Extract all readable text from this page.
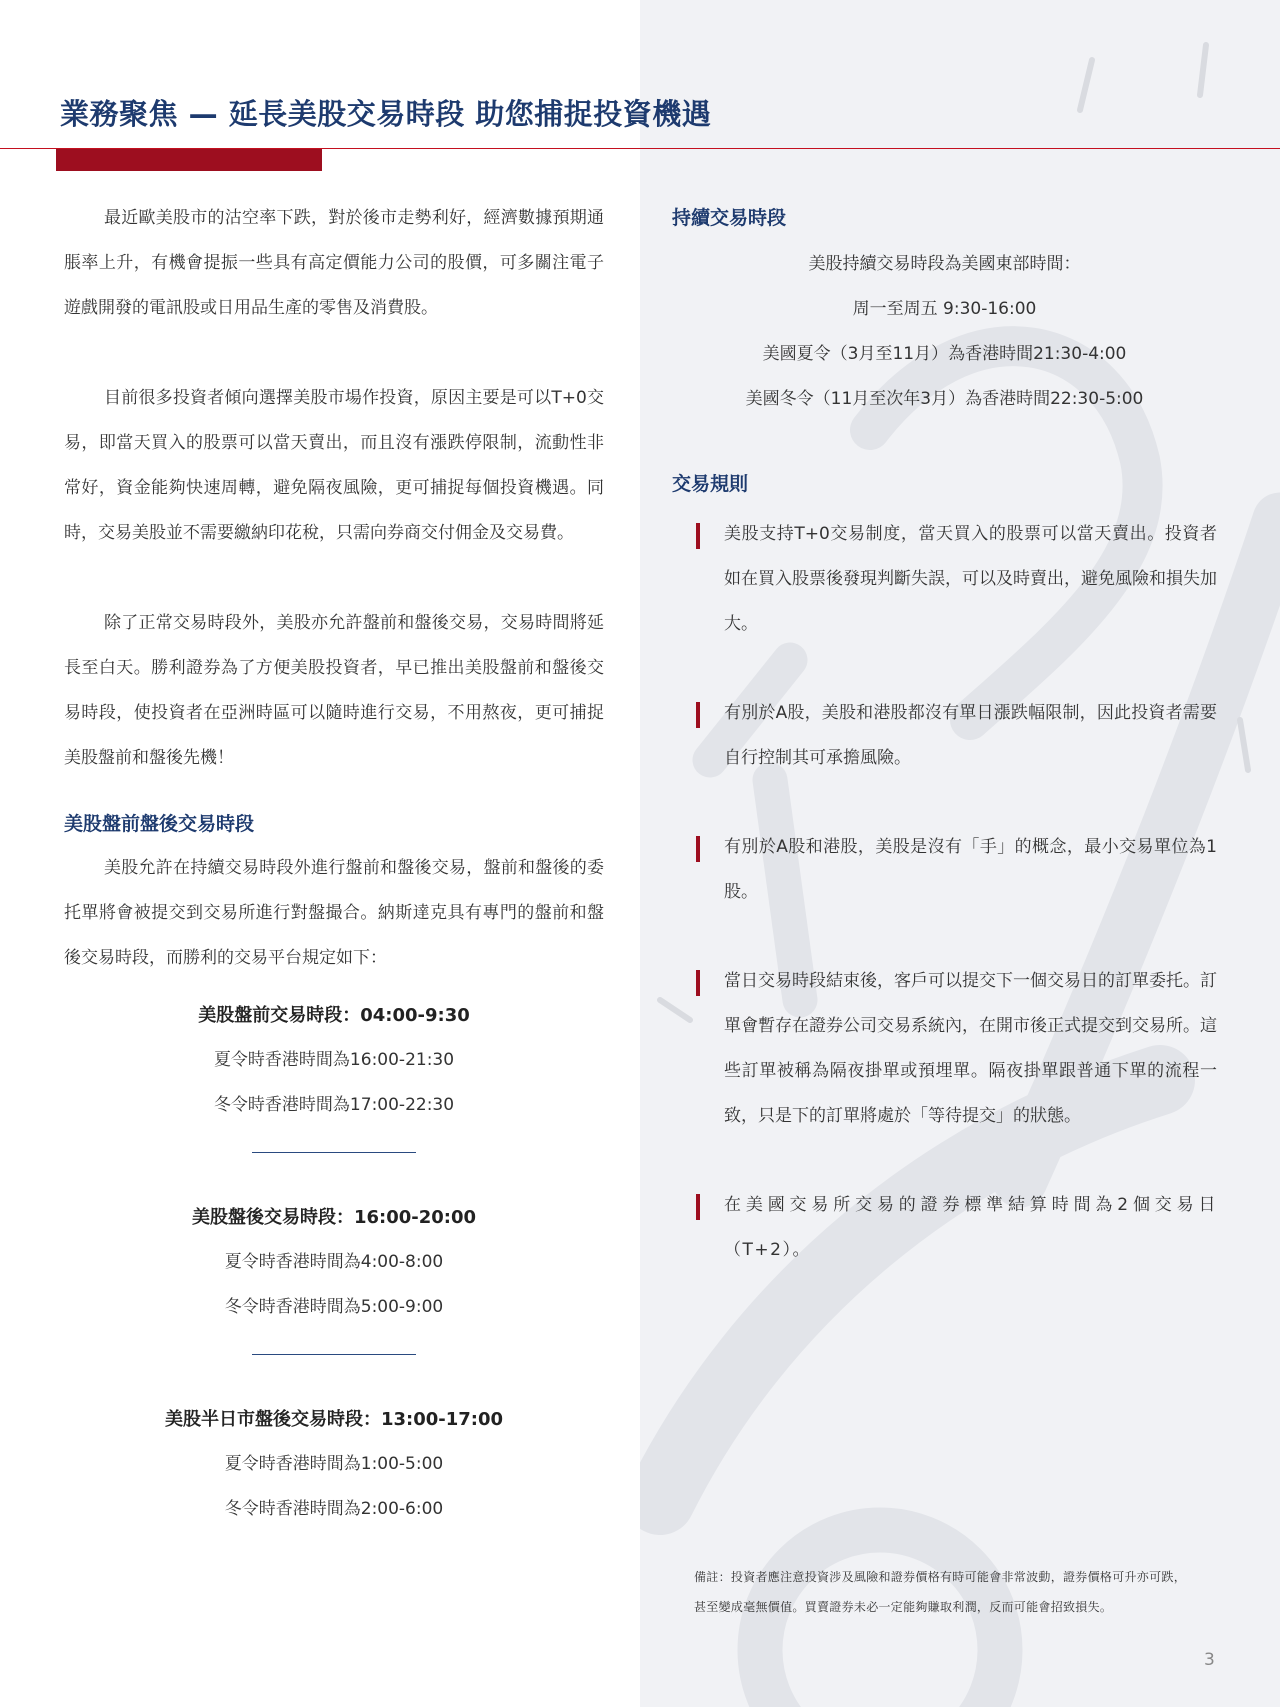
業務聚焦 — 延長美股交易時段 助您捕捉投資機遇

最近歐美股市的沽空率下跌，對於後市走勢利好，經濟數據預期通脹率上升，有機會提振一些具有高定價能力公司的股價，可多關注電子遊戲開發的電訊股或日用品生產的零售及消費股。

目前很多投資者傾向選擇美股市場作投資，原因主要是可以T+0交易，即當天買入的股票可以當天賣出，而且沒有漲跌停限制，流動性非常好，資金能夠快速周轉，避免隔夜風險，更可捕捉每個投資機遇。同時，交易美股並不需要繳納印花稅，只需向券商交付佣金及交易費。

除了正常交易時段外，美股亦允許盤前和盤後交易，交易時間將延長至白天。勝利證券為了方便美股投資者，早已推出美股盤前和盤後交易時段，使投資者在亞洲時區可以隨時進行交易，不用熬夜，更可捕捉美股盤前和盤後先機！

美股盤前盤後交易時段

美股允許在持續交易時段外進行盤前和盤後交易，盤前和盤後的委托單將會被提交到交易所進行對盤撮合。納斯達克具有專門的盤前和盤後交易時段，而勝利的交易平台規定如下：

美股盤前交易時段：04:00-9:30
夏令時香港時間為16:00-21:30
冬令時香港時間為17:00-22:30
美股盤後交易時段：16:00-20:00
夏令時香港時間為4:00-8:00
冬令時香港時間為5:00-9:00
美股半日市盤後交易時段：13:00-17:00
夏令時香港時間為1:00-5:00
冬令時香港時間為2:00-6:00
持續交易時段
美股持續交易時段為美國東部時間：
周一至周五 9:30-16:00
美國夏令（3月至11月）為香港時間21:30-4:00
美國冬令（11月至次年3月）為香港時間22:30-5:00
交易規則
美股支持T+0交易制度，當天買入的股票可以當天賣出。投資者如在買入股票後發現判斷失誤，可以及時賣出，避免風險和損失加大。
有別於A股，美股和港股都沒有單日漲跌幅限制，因此投資者需要自行控制其可承擔風險。
有別於A股和港股，美股是沒有「手」的概念，最小交易單位為1股。
當日交易時段結束後，客戶可以提交下一個交易日的訂單委托。訂單會暫存在證券公司交易系統內，在開市後正式提交到交易所。這些訂單被稱為隔夜掛單或預埋單。隔夜掛單跟普通下單的流程一致，只是下的訂單將處於「等待提交」的狀態。
在美國交易所交易的證券標準結算時間為2個交易日（T+2）。
備註：投資者應注意投資涉及風險和證券價格有時可能會非常波動，證券價格可升亦可跌，
甚至變成毫無價值。買賣證券未必一定能夠賺取利潤，反而可能會招致損失。
3
